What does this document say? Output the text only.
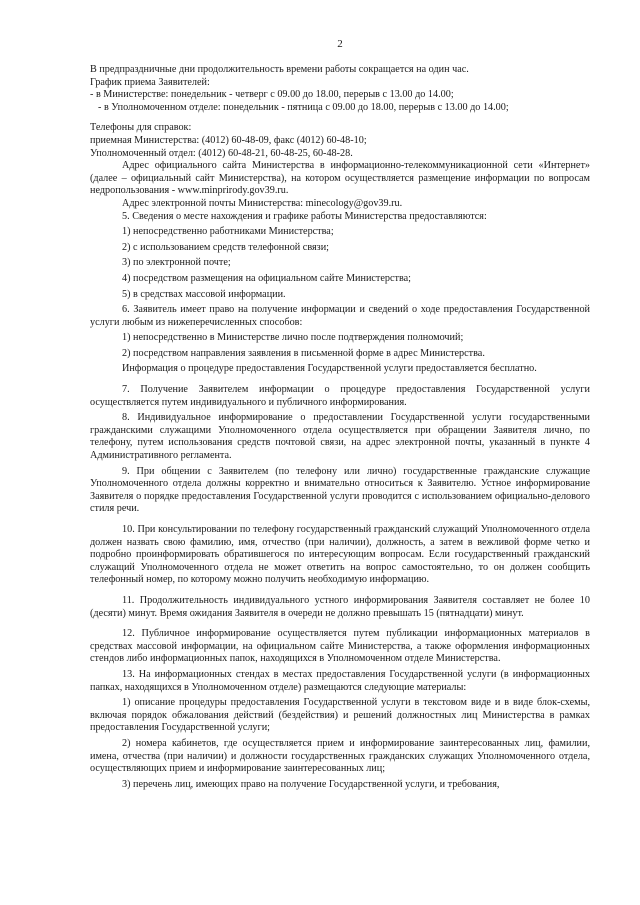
2

В предпраздничные дни продолжительность времени работы сокращается на один час.

График приема Заявителей:

- в Министерстве: понедельник - четверг с 09.00 до 18.00, перерыв с 13.00 до 14.00;

- в Уполномоченном отделе: понедельник - пятница с 09.00 до 18.00, перерыв с 13.00 до 14.00;

Телефоны для справок:

приемная Министерства: (4012) 60-48-09, факс (4012) 60-48-10;

Уполномоченный отдел: (4012) 60-48-21, 60-48-25, 60-48-28.

Адрес официального сайта Министерства в информационно-телекоммуникационной сети «Интернет» (далее – официальный сайт Министерства), на котором осуществляется размещение информации по вопросам недропользования - www.minprirody.gov39.ru.

Адрес электронной почты Министерства: minecology@gov39.ru.

5. Сведения о месте нахождения и графике работы Министерства предоставляются:

1) непосредственно работниками Министерства;

2) с использованием средств телефонной связи;

3) по электронной почте;

4) посредством размещения на официальном сайте Министерства;

5) в средствах массовой информации.

6. Заявитель имеет право на получение информации и сведений о ходе предоставления Государственной услуги любым из нижеперечисленных способов:

1) непосредственно в Министерстве лично после подтверждения полномочий;

2) посредством направления заявления в письменной форме в адрес Министерства.

Информация о процедуре предоставления Государственной услуги предоставляется бесплатно.

7. Получение Заявителем информации о процедуре предоставления Государственной услуги осуществляется путем индивидуального и публичного информирования.

8. Индивидуальное информирование о предоставлении Государственной услуги государственными гражданскими служащими Уполномоченного отдела осуществляется при обращении Заявителя лично, по телефону, путем использования средств почтовой связи, на адрес электронной почты, указанный в пункте 4 Административного регламента.

9. При общении с Заявителем (по телефону или лично) государственные гражданские служащие Уполномоченного отдела должны корректно и внимательно относиться к Заявителю. Устное информирование Заявителя о порядке предоставления Государственной услуги проводится с использованием официально-делового стиля речи.

10. При консультировании по телефону государственный гражданский служащий Уполномоченного отдела должен назвать свою фамилию, имя, отчество (при наличии), должность, а затем в вежливой форме четко и подробно проинформировать обратившегося по интересующим вопросам. Если государственный гражданский служащий Уполномоченного отдела не может ответить на вопрос самостоятельно, то он должен сообщить телефонный номер, по которому можно получить необходимую информацию.

11. Продолжительность индивидуального устного информирования Заявителя составляет не более 10 (десяти) минут. Время ожидания Заявителя в очереди не должно превышать 15 (пятнадцати) минут.

12. Публичное информирование осуществляется путем публикации информационных материалов в средствах массовой информации, на официальном сайте Министерства, а также оформления информационных стендов либо информационных папок, находящихся в Уполномоченном отделе Министерства.

13. На информационных стендах в местах предоставления Государственной услуги (в информационных папках, находящихся в Уполномоченном отделе) размещаются следующие материалы:

1) описание процедуры предоставления Государственной услуги в текстовом виде и в виде блок-схемы, включая порядок обжалования действий (бездействия) и решений должностных лиц Министерства в рамках предоставления Государственной услуги;

2) номера кабинетов, где осуществляется прием и информирование заинтересованных лиц, фамилии, имена, отчества (при наличии) и должности государственных гражданских служащих Уполномоченного отдела, осуществляющих прием и информирование заинтересованных лиц;

3) перечень лиц, имеющих право на получение Государственной услуги, и требования,
